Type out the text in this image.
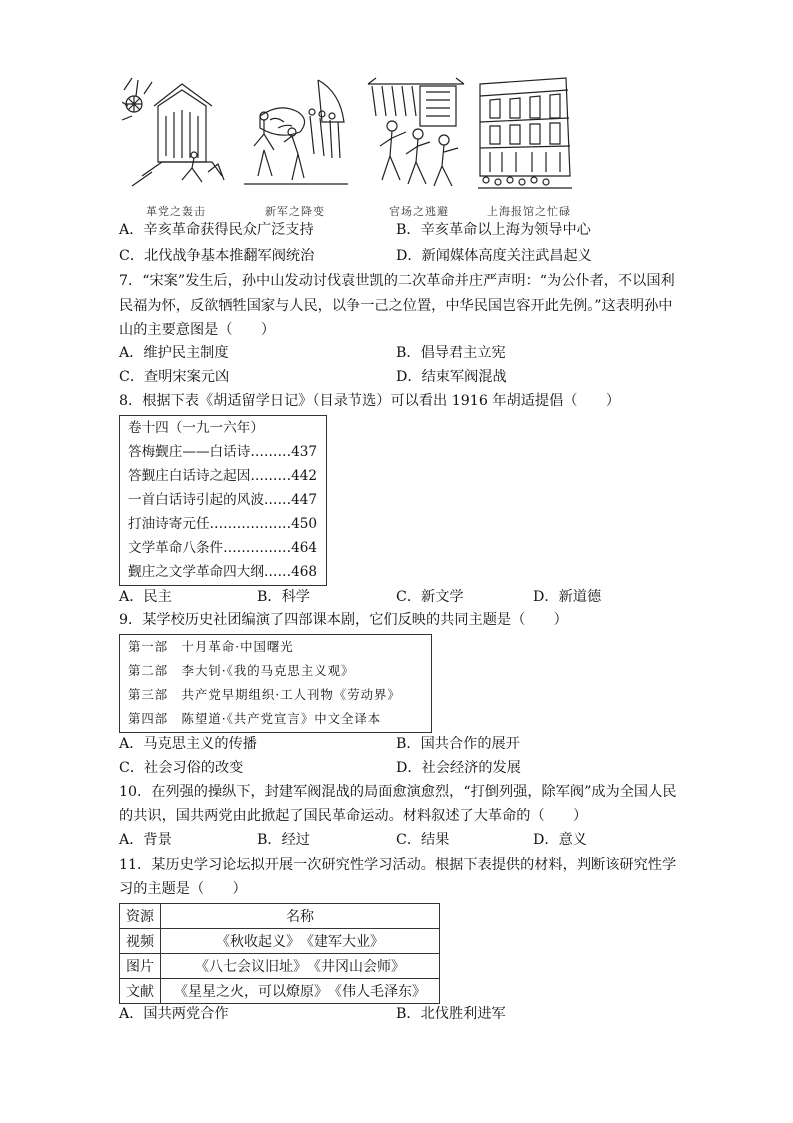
革党之轰击	新军之降变	官场之逃避	上海报馆之忙碌
A．辛亥革命获得民众广泛支持	B．辛亥革命以上海为领导中心
C．北伐战争基本推翻军阀统治	D．新闻媒体高度关注武昌起义
7．“宋案”发生后，孙中山发动讨伐袁世凯的二次革命并庄严声明：“为公仆者，不以国利
民福为怀，反欲牺牲国家与人民，以争一己之位置，中华民国岂容开此先例。”这表明孙中
山的主要意图是（　　）
A．维护民主制度	B．倡导君主立宪
C．查明宋案元凶	D．结束军阀混战
8．根据下表《胡适留学日记》（目录节选）可以看出 1916 年胡适提倡（　　）
卷十四（一九一六年）
答梅觐庄——白话诗………437
答觐庄白话诗之起因………442
一首白话诗引起的风波……447
打油诗寄元任………………450
文学革命八条件……………464
觐庄之文学革命四大纲……468
A．民主	B．科学	C．新文学	D．新道德
9．某学校历史社团编演了四部课本剧，它们反映的共同主题是（　　）
第一部　十月革命·中国曙光
第二部　李大钊·《我的马克思主义观》
第三部　共产党早期组织·工人刊物《劳动界》
第四部　陈望道·《共产党宣言》中文全译本
A．马克思主义的传播	B．国共合作的展开
C．社会习俗的改变	D．社会经济的发展
10．在列强的操纵下，封建军阀混战的局面愈演愈烈，“打倒列强，除军阀”成为全国人民
的共识，国共两党由此掀起了国民革命运动。材料叙述了大革命的（　　）
A．背景	B．经过	C．结果	D．意义
11．某历史学习论坛拟开展一次研究性学习活动。根据下表提供的材料，判断该研究性学
习的主题是（　　）
资源	名称
视频	《秋收起义》　《建军大业》
图片	《八七会议旧址》　《井冈山会师》
文献	《星星之火，可以燎原》　《伟人毛泽东》
A．国共两党合作	B．北伐胜利进军
